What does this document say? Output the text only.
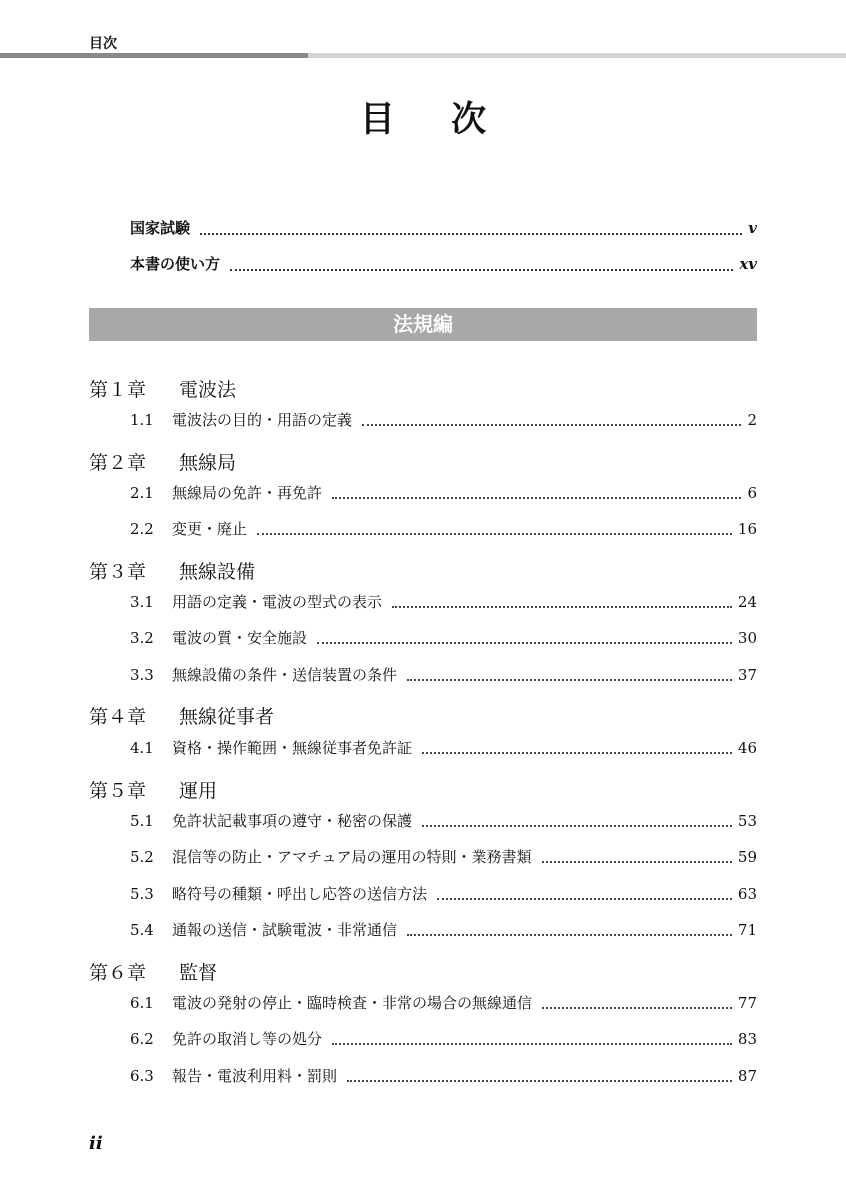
目次
目 次
国家試験	v
本書の使い方	xv
法規編
第１章 電波法
1.1	電波法の目的・用語の定義	2
第２章 無線局
2.1	無線局の免許・再免許	6
2.2	変更・廃止	16
第３章 無線設備
3.1	用語の定義・電波の型式の表示	24
3.2	電波の質・安全施設	30
3.3	無線設備の条件・送信装置の条件	37
第４章 無線従事者
4.1	資格・操作範囲・無線従事者免許証	46
第５章 運用
5.1	免許状記載事項の遵守・秘密の保護	53
5.2	混信等の防止・アマチュア局の運用の特則・業務書類	59
5.3	略符号の種類・呼出し応答の送信方法	63
5.4	通報の送信・試験電波・非常通信	71
第６章 監督
6.1	電波の発射の停止・臨時検査・非常の場合の無線通信	77
6.2	免許の取消し等の処分	83
6.3	報告・電波利用料・罰則	87
ii
